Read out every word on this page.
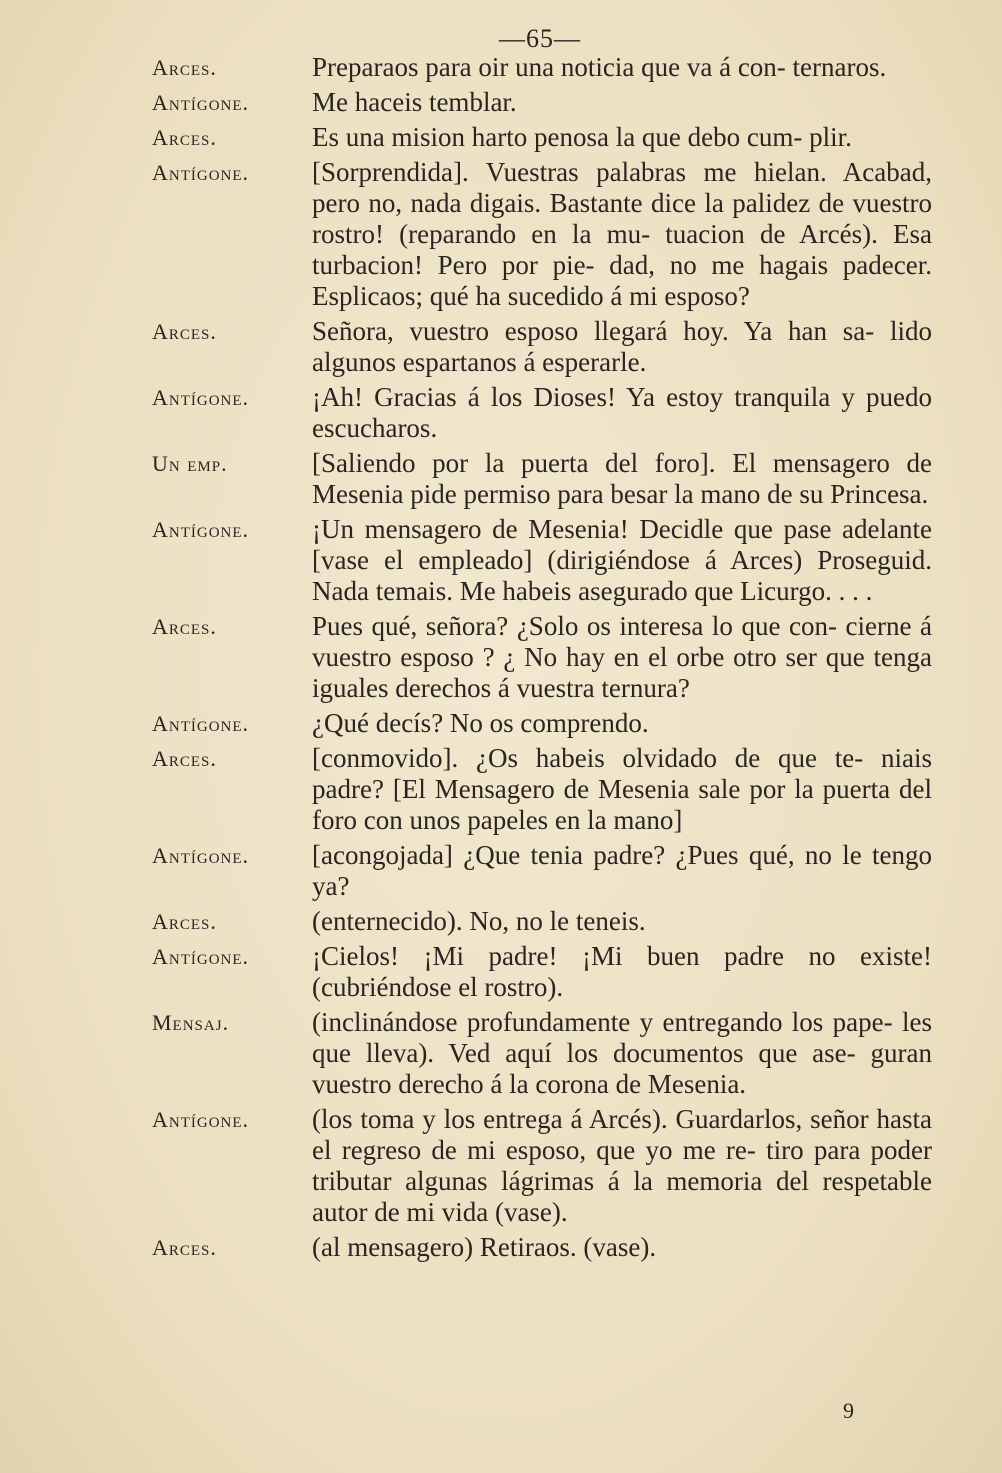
—65—
Arces.	Preparaos para oir una noticia que va á con- ternaros.
Antígone.	Me haceis temblar.
Arces.	Es una mision harto penosa la que debo cum- plir.
Antígone.	[Sorprendida]. Vuestras palabras me hielan. Acabad, pero no, nada digais. Bastante dice la palidez de vuestro rostro! (reparando en la mu- tuacion de Arcés). Esa turbacion! Pero por pie- dad, no me hagais padecer. Esplicaos; qué ha sucedido á mi esposo?
Arces.	Señora, vuestro esposo llegará hoy. Ya han sa- lido algunos espartanos á esperarle.
Antígone.	¡Ah! Gracias á los Dioses! Ya estoy tranquila y puedo escucharos.
Un emp.	[Saliendo por la puerta del foro]. El mensagero de Mesenia pide permiso para besar la mano de su Princesa.
Antígone.	¡Un mensagero de Mesenia! Decidle que pase adelante [vase el empleado] (dirigiéndose á Arces) Proseguid. Nada temais. Me habeis asegurado que Licurgo. . . .
Arces.	Pues qué, señora? ¿Solo os interesa lo que con- cierne á vuestro esposo ? ¿ No hay en el orbe otro ser que tenga iguales derechos á vuestra ternura?
Antígone.	¿Qué decís? No os comprendo.
Arces.	[conmovido]. ¿Os habeis olvidado de que te- niais padre? [El Mensagero de Mesenia sale por la puerta del foro con unos papeles en la mano]
Antígone.	[acongojada] ¿Que tenia padre? ¿Pues qué, no le tengo ya?
Arces.	(enternecido). No, no le teneis.
Antígone.	¡Cielos! ¡Mi padre! ¡Mi buen padre no existe! (cubriéndose el rostro).
Mensaj.	(inclinándose profundamente y entregando los pape- les que lleva). Ved aquí los documentos que ase- guran vuestro derecho á la corona de Mesenia.
Antígone.	(los toma y los entrega á Arcés). Guardarlos, señor hasta el regreso de mi esposo, que yo me re- tiro para poder tributar algunas lágrimas á la memoria del respetable autor de mi vida (vase).
Arces.	(al mensagero) Retiraos. (vase).
9
